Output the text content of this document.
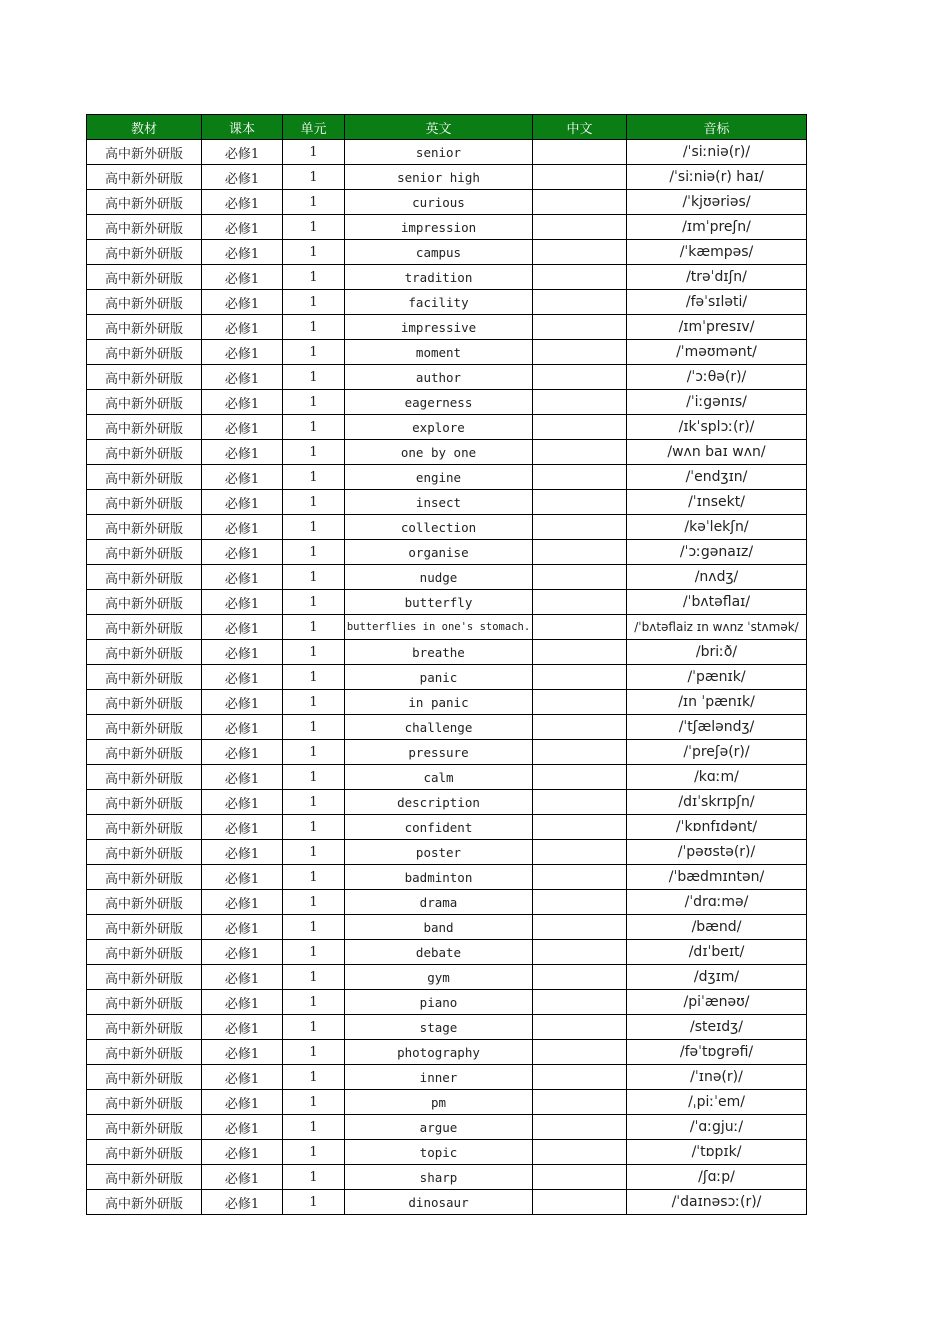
教材	课本	单元	英文	中文	音标
高中新外研版	必修1	1	senior		/ˈsiːniə(r)/
高中新外研版	必修1	1	senior high		/ˈsiːniə(r) haɪ/
高中新外研版	必修1	1	curious		/ˈkjʊəriəs/
高中新外研版	必修1	1	impression		/ɪmˈpreʃn/
高中新外研版	必修1	1	campus		/ˈkæmpəs/
高中新外研版	必修1	1	tradition		/trəˈdɪʃn/
高中新外研版	必修1	1	facility		/fəˈsɪləti/
高中新外研版	必修1	1	impressive		/ɪmˈpresɪv/
高中新外研版	必修1	1	moment		/ˈməʊmənt/
高中新外研版	必修1	1	author		/ˈɔːθə(r)/
高中新外研版	必修1	1	eagerness		/ˈiːgənɪs/
高中新外研版	必修1	1	explore		/ɪkˈsplɔː(r)/
高中新外研版	必修1	1	one by one		/wʌn baɪ wʌn/
高中新外研版	必修1	1	engine		/ˈendʒɪn/
高中新外研版	必修1	1	insect		/ˈɪnsekt/
高中新外研版	必修1	1	collection		/kəˈlekʃn/
高中新外研版	必修1	1	organise		/ˈɔːgənaɪz/
高中新外研版	必修1	1	nudge		/nʌdʒ/
高中新外研版	必修1	1	butterfly		/ˈbʌtəflaɪ/
高中新外研版	必修1	1	butterflies in one's stomach.		/ˈbʌtəflaiz ɪn wʌnz ˈstʌmək/
高中新外研版	必修1	1	breathe		/briːð/
高中新外研版	必修1	1	panic		/ˈpænɪk/
高中新外研版	必修1	1	in panic		/ɪn ˈpænɪk/
高中新外研版	必修1	1	challenge		/ˈtʃæləndʒ/
高中新外研版	必修1	1	pressure		/ˈpreʃə(r)/
高中新外研版	必修1	1	calm		/kɑːm/
高中新外研版	必修1	1	description		/dɪˈskrɪpʃn/
高中新外研版	必修1	1	confident		/ˈkɒnfɪdənt/
高中新外研版	必修1	1	poster		/ˈpəʊstə(r)/
高中新外研版	必修1	1	badminton		/ˈbædmɪntən/
高中新外研版	必修1	1	drama		/ˈdrɑːmə/
高中新外研版	必修1	1	band		/bænd/
高中新外研版	必修1	1	debate		/dɪˈbeɪt/
高中新外研版	必修1	1	gym		/dʒɪm/
高中新外研版	必修1	1	piano		/piˈænəʊ/
高中新外研版	必修1	1	stage		/steɪdʒ/
高中新外研版	必修1	1	photography		/fəˈtɒgrəfi/
高中新外研版	必修1	1	inner		/ˈɪnə(r)/
高中新外研版	必修1	1	pm		/ˌpiːˈem/
高中新外研版	必修1	1	argue		/ˈɑːgjuː/
高中新外研版	必修1	1	topic		/ˈtɒpɪk/
高中新外研版	必修1	1	sharp		/ʃɑːp/
高中新外研版	必修1	1	dinosaur		/ˈdaɪnəsɔː(r)/
